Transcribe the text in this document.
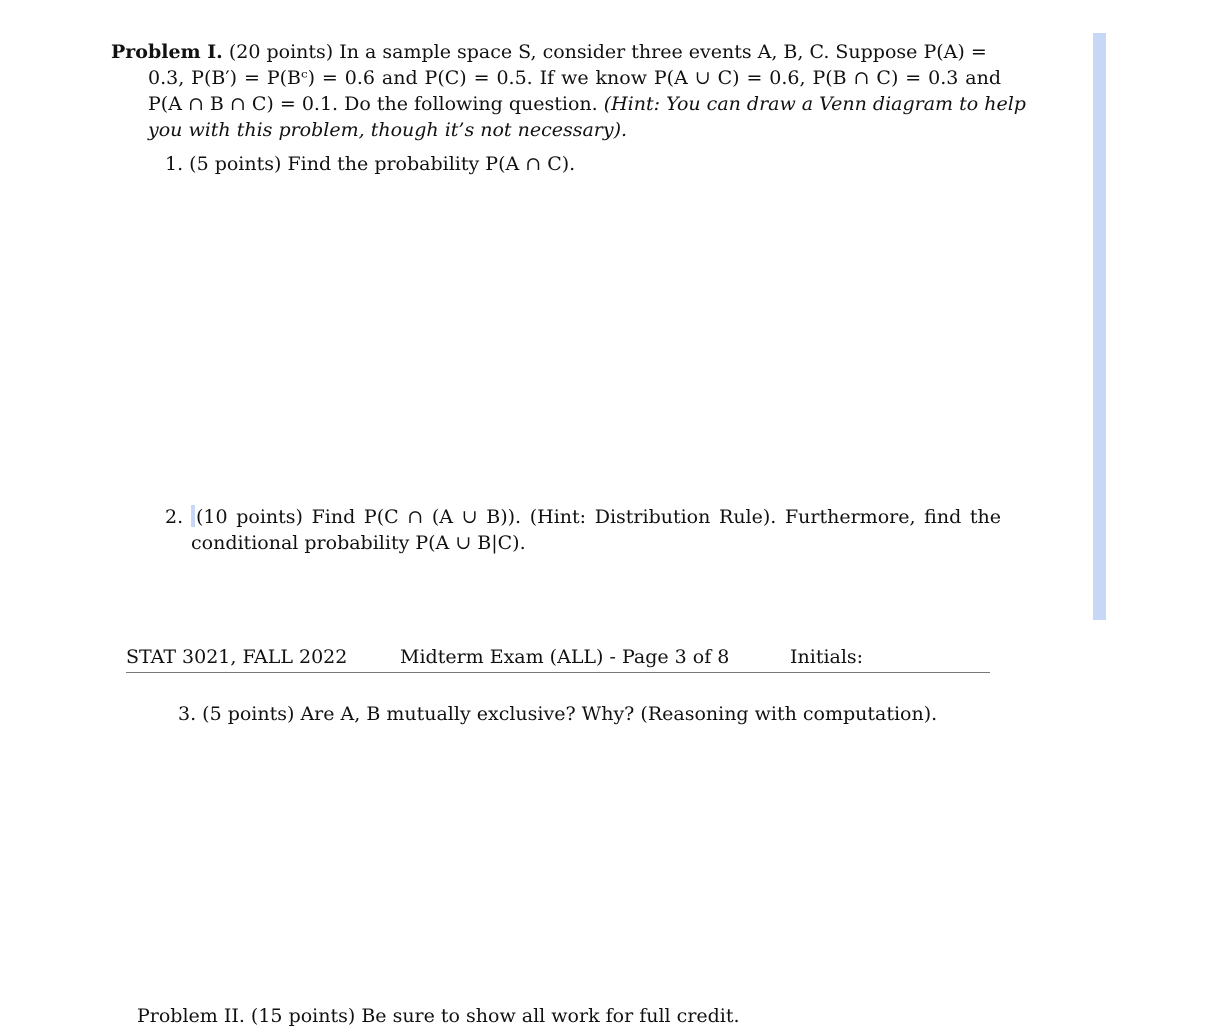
Problem I. (20 points) In a sample space S, consider three events A, B, C. Suppose P(A) =
0.3, P(B′) = P(Bᶜ) = 0.6 and P(C) = 0.5. If we know P(A ∪ C) = 0.6, P(B ∩ C) = 0.3 and
P(A ∩ B ∩ C) = 0.1. Do the following question. (Hint: You can draw a Venn diagram to help
you with this problem, though it’s not necessary).
1. (5 points) Find the probability P(A ∩ C).
2. (10 points) Find P(C ∩ (A ∪ B)). (Hint: Distribution Rule). Furthermore, find the
conditional probability P(A ∪ B|C).
STAT 3021, FALL 2022	Midterm Exam (ALL) - Page 3 of 8	Initials:
3. (5 points) Are A, B mutually exclusive? Why? (Reasoning with computation).
Problem II. (15 points) Be sure to show all work for full credit.
